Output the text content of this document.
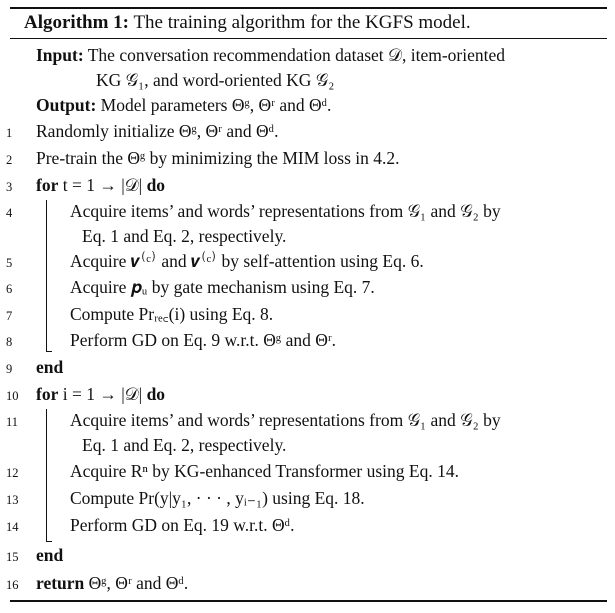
Algorithm 1: The training algorithm for the KGFS model.
Input: The conversation recommendation dataset 𝒟, item-oriented
KG 𝒢₁, and word-oriented KG 𝒢₂
Output: Model parameters Θᵍ, Θʳ and Θᵈ.
1	Randomly initialize Θᵍ, Θʳ and Θᵈ.
2	Pre-train the Θᵍ by minimizing the MIM loss in 4.2.
3	for t = 1 → |𝒟| do
4	Acquire items’ and words’ representations from 𝒢₁ and 𝒢₂ by
Eq. 1 and Eq. 2, respectively.
5	Acquire 𝒗⁽ᶜ⁾ and 𝒗⁽ᶜ⁾ by self-attention using Eq. 6.
6	Acquire 𝒑ᵤ by gate mechanism using Eq. 7.
7	Compute Prᵣₑ꜀(i) using Eq. 8.
8	Perform GD on Eq. 9 w.r.t. Θᵍ and Θʳ.
9	end
10	for i = 1 → |𝒟| do
11	Acquire items’ and words’ representations from 𝒢₁ and 𝒢₂ by
Eq. 1 and Eq. 2, respectively.
12	Acquire Rⁿ by KG-enhanced Transformer using Eq. 14.
13	Compute Pr(y|y₁, · · · , yᵢ₋₁) using Eq. 18.
14	Perform GD on Eq. 19 w.r.t. Θᵈ.
15	end
16	return Θᵍ, Θʳ and Θᵈ.
